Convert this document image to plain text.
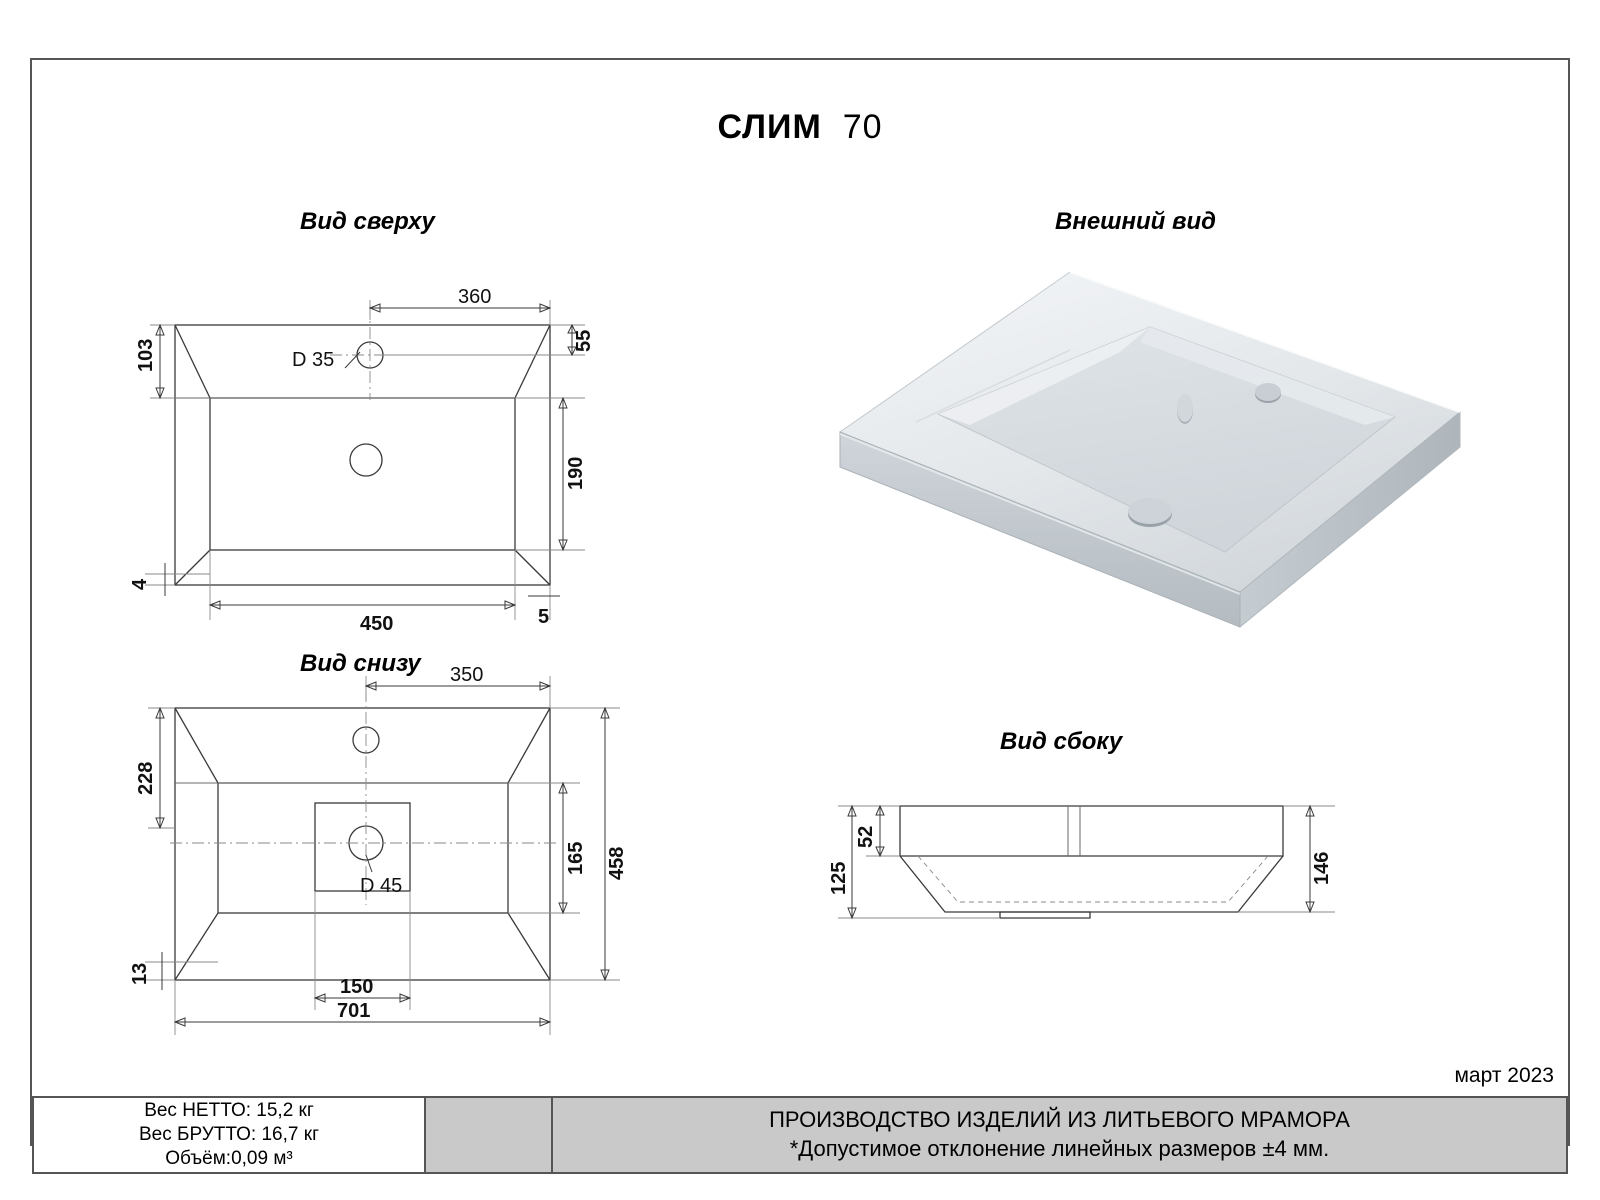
СЛИМ 70
Вид сверху
Вид снизу
Внешний вид
Вид сбоку
D 35
360
103	55
190
4
450	5
D 45
350
228
165 458
13
150
701
52
125	146
март 2023
Вес НЕТТО: 15,2 кг
Вес БРУТТО: 16,7 кг
Объём:0,09 м³
ПРОИЗВОДСТВО ИЗДЕЛИЙ ИЗ ЛИТЬЕВОГО МРАМОРА
*Допустимое отклонение линейных размеров ±4 мм.
